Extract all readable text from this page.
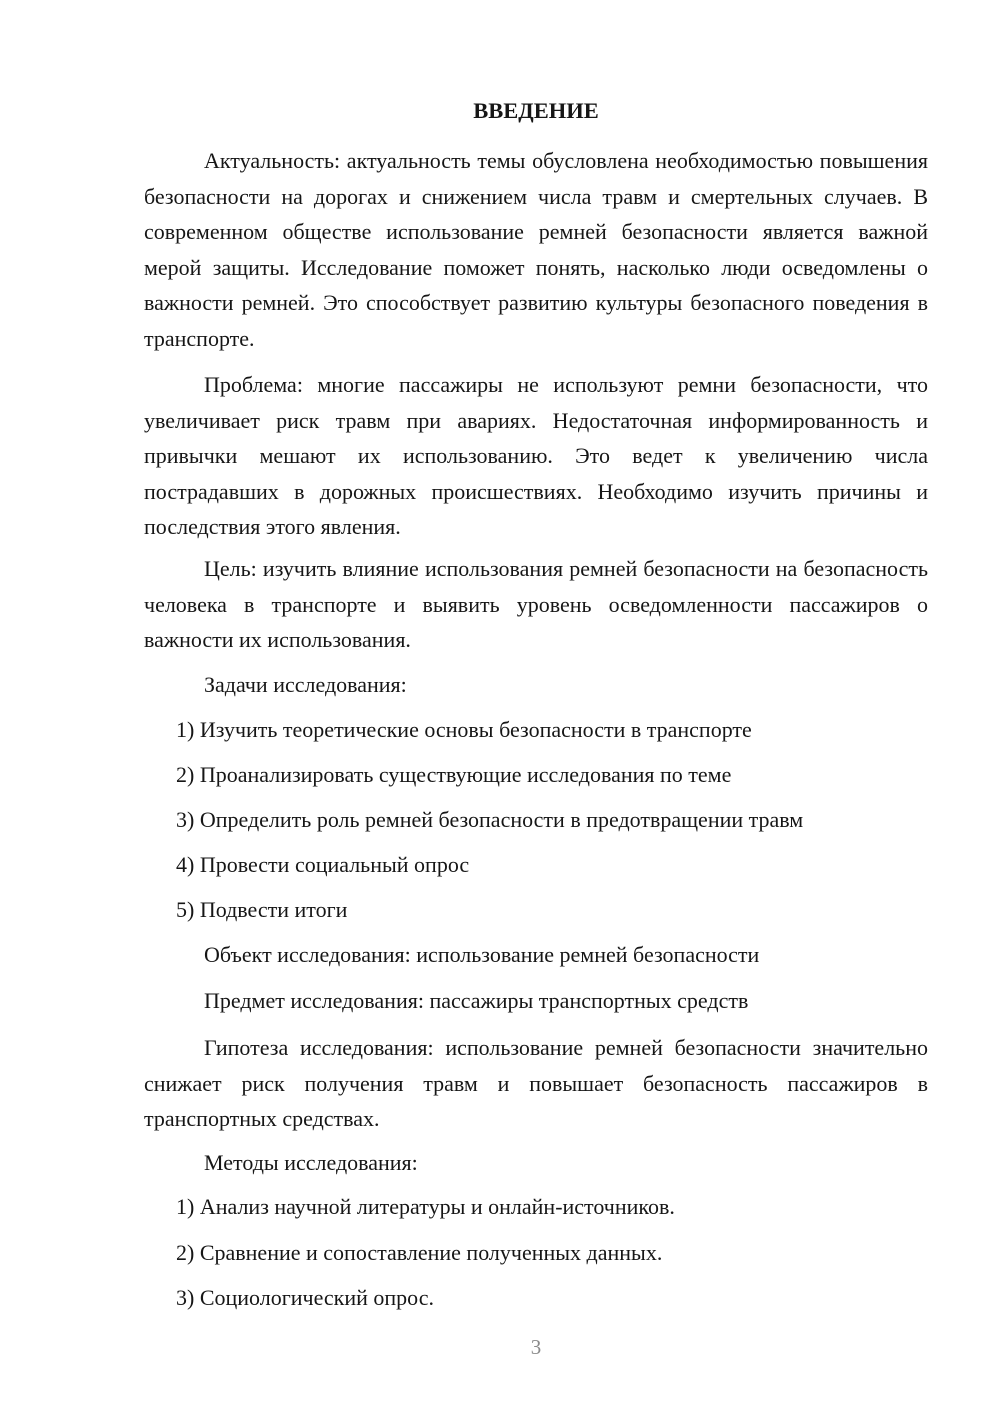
ВВЕДЕНИЕ

Актуальность: актуальность темы обусловлена необходимостью повышения безопасности на дорогах и снижением числа травм и смертельных случаев. В современном обществе использование ремней безопасности является важной мерой защиты. Исследование поможет понять, насколько люди осведомлены о важности ремней. Это способствует развитию культуры безопасного поведения в транспорте.

Проблема: многие пассажиры не используют ремни безопасности, что увеличивает риск травм при авариях. Недостаточная информированность и привычки мешают их использованию. Это ведет к увеличению числа пострадавших в дорожных происшествиях. Необходимо изучить причины и последствия этого явления.

Цель: изучить влияние использования ремней безопасности на безопасность человека в транспорте и выявить уровень осведомленности пассажиров о важности их использования.

Задачи исследования:

1) Изучить теоретические основы безопасности в транспорте

2) Проанализировать существующие исследования по теме

3) Определить роль ремней безопасности в предотвращении травм

4) Провести социальный опрос

5) Подвести итоги

Объект исследования: использование ремней безопасности

Предмет исследования: пассажиры транспортных средств

Гипотеза исследования: использование ремней безопасности значительно снижает риск получения травм и повышает безопасность пассажиров в транспортных средствах.

Методы исследования:

1) Анализ научной литературы и онлайн-источников.

2) Сравнение и сопоставление полученных данных.

3) Социологический опрос.

3
